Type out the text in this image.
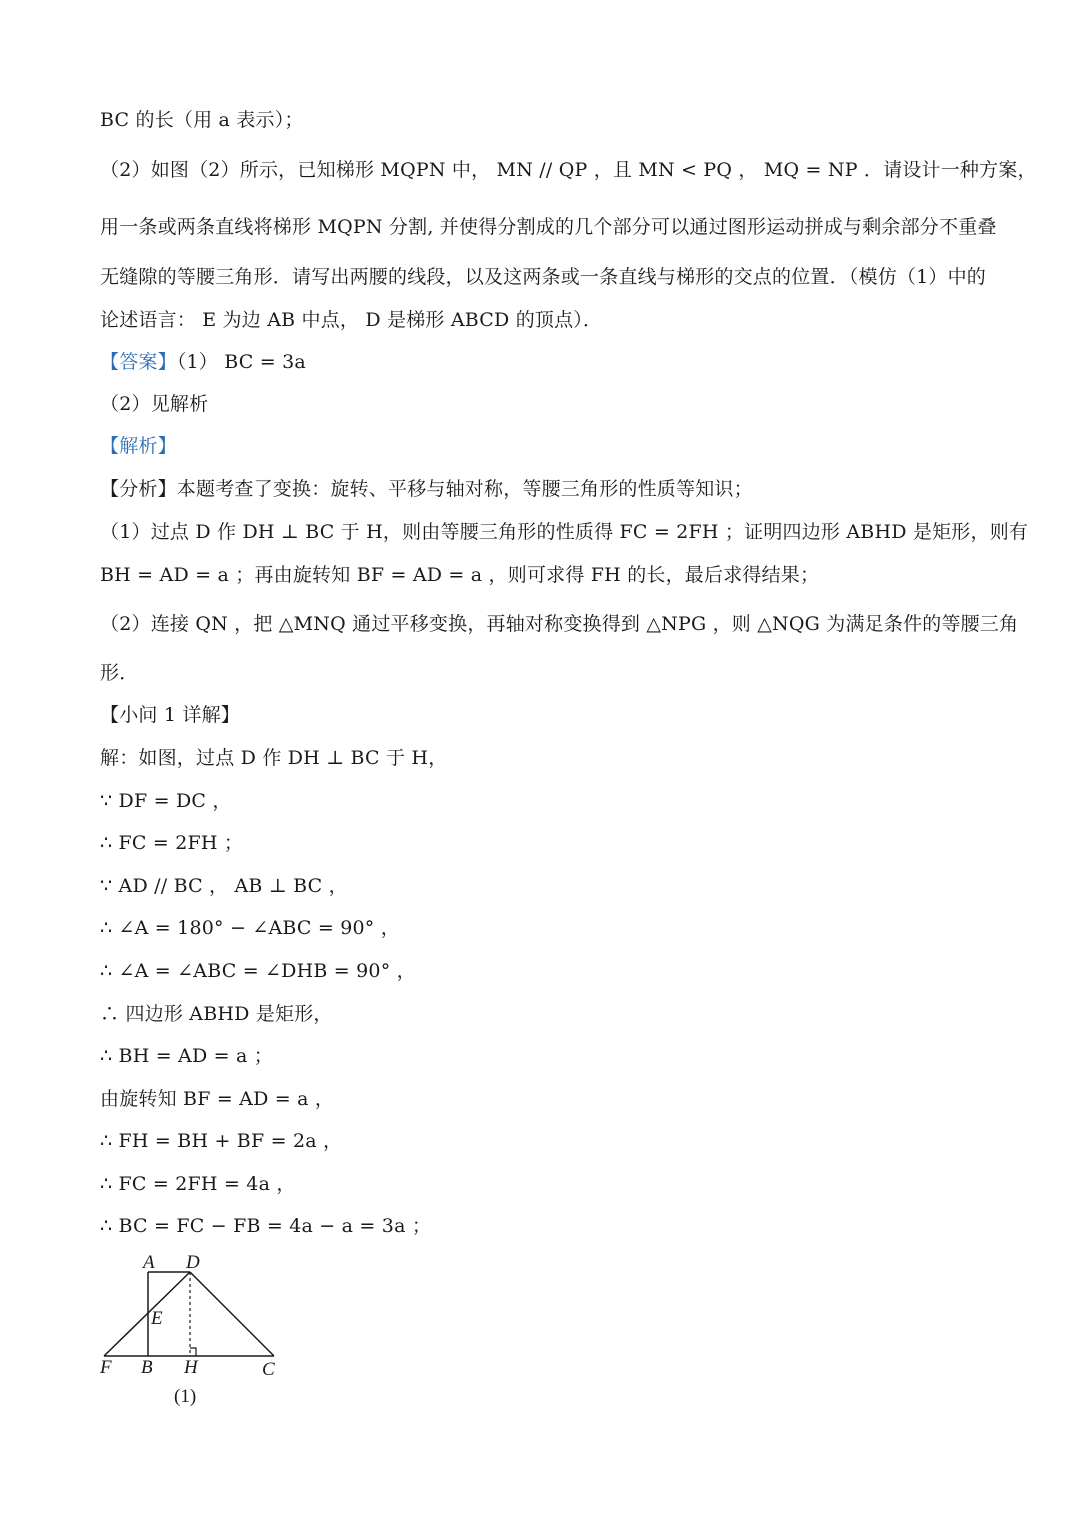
BC 的长（用 a 表示）；
（2）如图（2）所示，已知梯形 MQPN 中， MN // QP ，且 MN < PQ ， MQ = NP ．请设计一种方案，
用一条或两条直线将梯形 MQPN 分割, 并使得分割成的几个部分可以通过图形运动拼成与剩余部分不重叠
无缝隙的等腰三角形．请写出两腰的线段，以及这两条或一条直线与梯形的交点的位置．（模仿（1）中的
论述语言： E 为边 AB 中点， D 是梯形 ABCD 的顶点）．
【答案】（1） BC = 3a
（2）见解析
【解析】
【分析】本题考查了变换：旋转、平移与轴对称，等腰三角形的性质等知识；
（1）过点 D 作 DH ⊥ BC 于 H，则由等腰三角形的性质得 FC = 2FH ；证明四边形 ABHD 是矩形，则有
BH = AD = a ；再由旋转知 BF = AD = a ，则可求得 FH 的长，最后求得结果；
（2）连接 QN ，把 △MNQ 通过平移变换，再轴对称变换得到 △NPG ，则 △NQG 为满足条件的等腰三角
形．
【小问 1 详解】
解：如图，过点 D 作 DH ⊥ BC 于 H，
∵ DF = DC ，
∴ FC = 2FH ；
∵ AD // BC ， AB ⊥ BC ，
∴ ∠A = 180° − ∠ABC = 90° ，
∴ ∠A = ∠ABC = ∠DHB = 90° ，
∴ 四边形 ABHD 是矩形，
∴ BH = AD = a ；
由旋转知 BF = AD = a ，
∴ FH = BH + BF = 2a ，
∴ FC = 2FH = 4a ，
∴ BC = FC − FB = 4a − a = 3a ；
A D
E
F B H	C
(1)
